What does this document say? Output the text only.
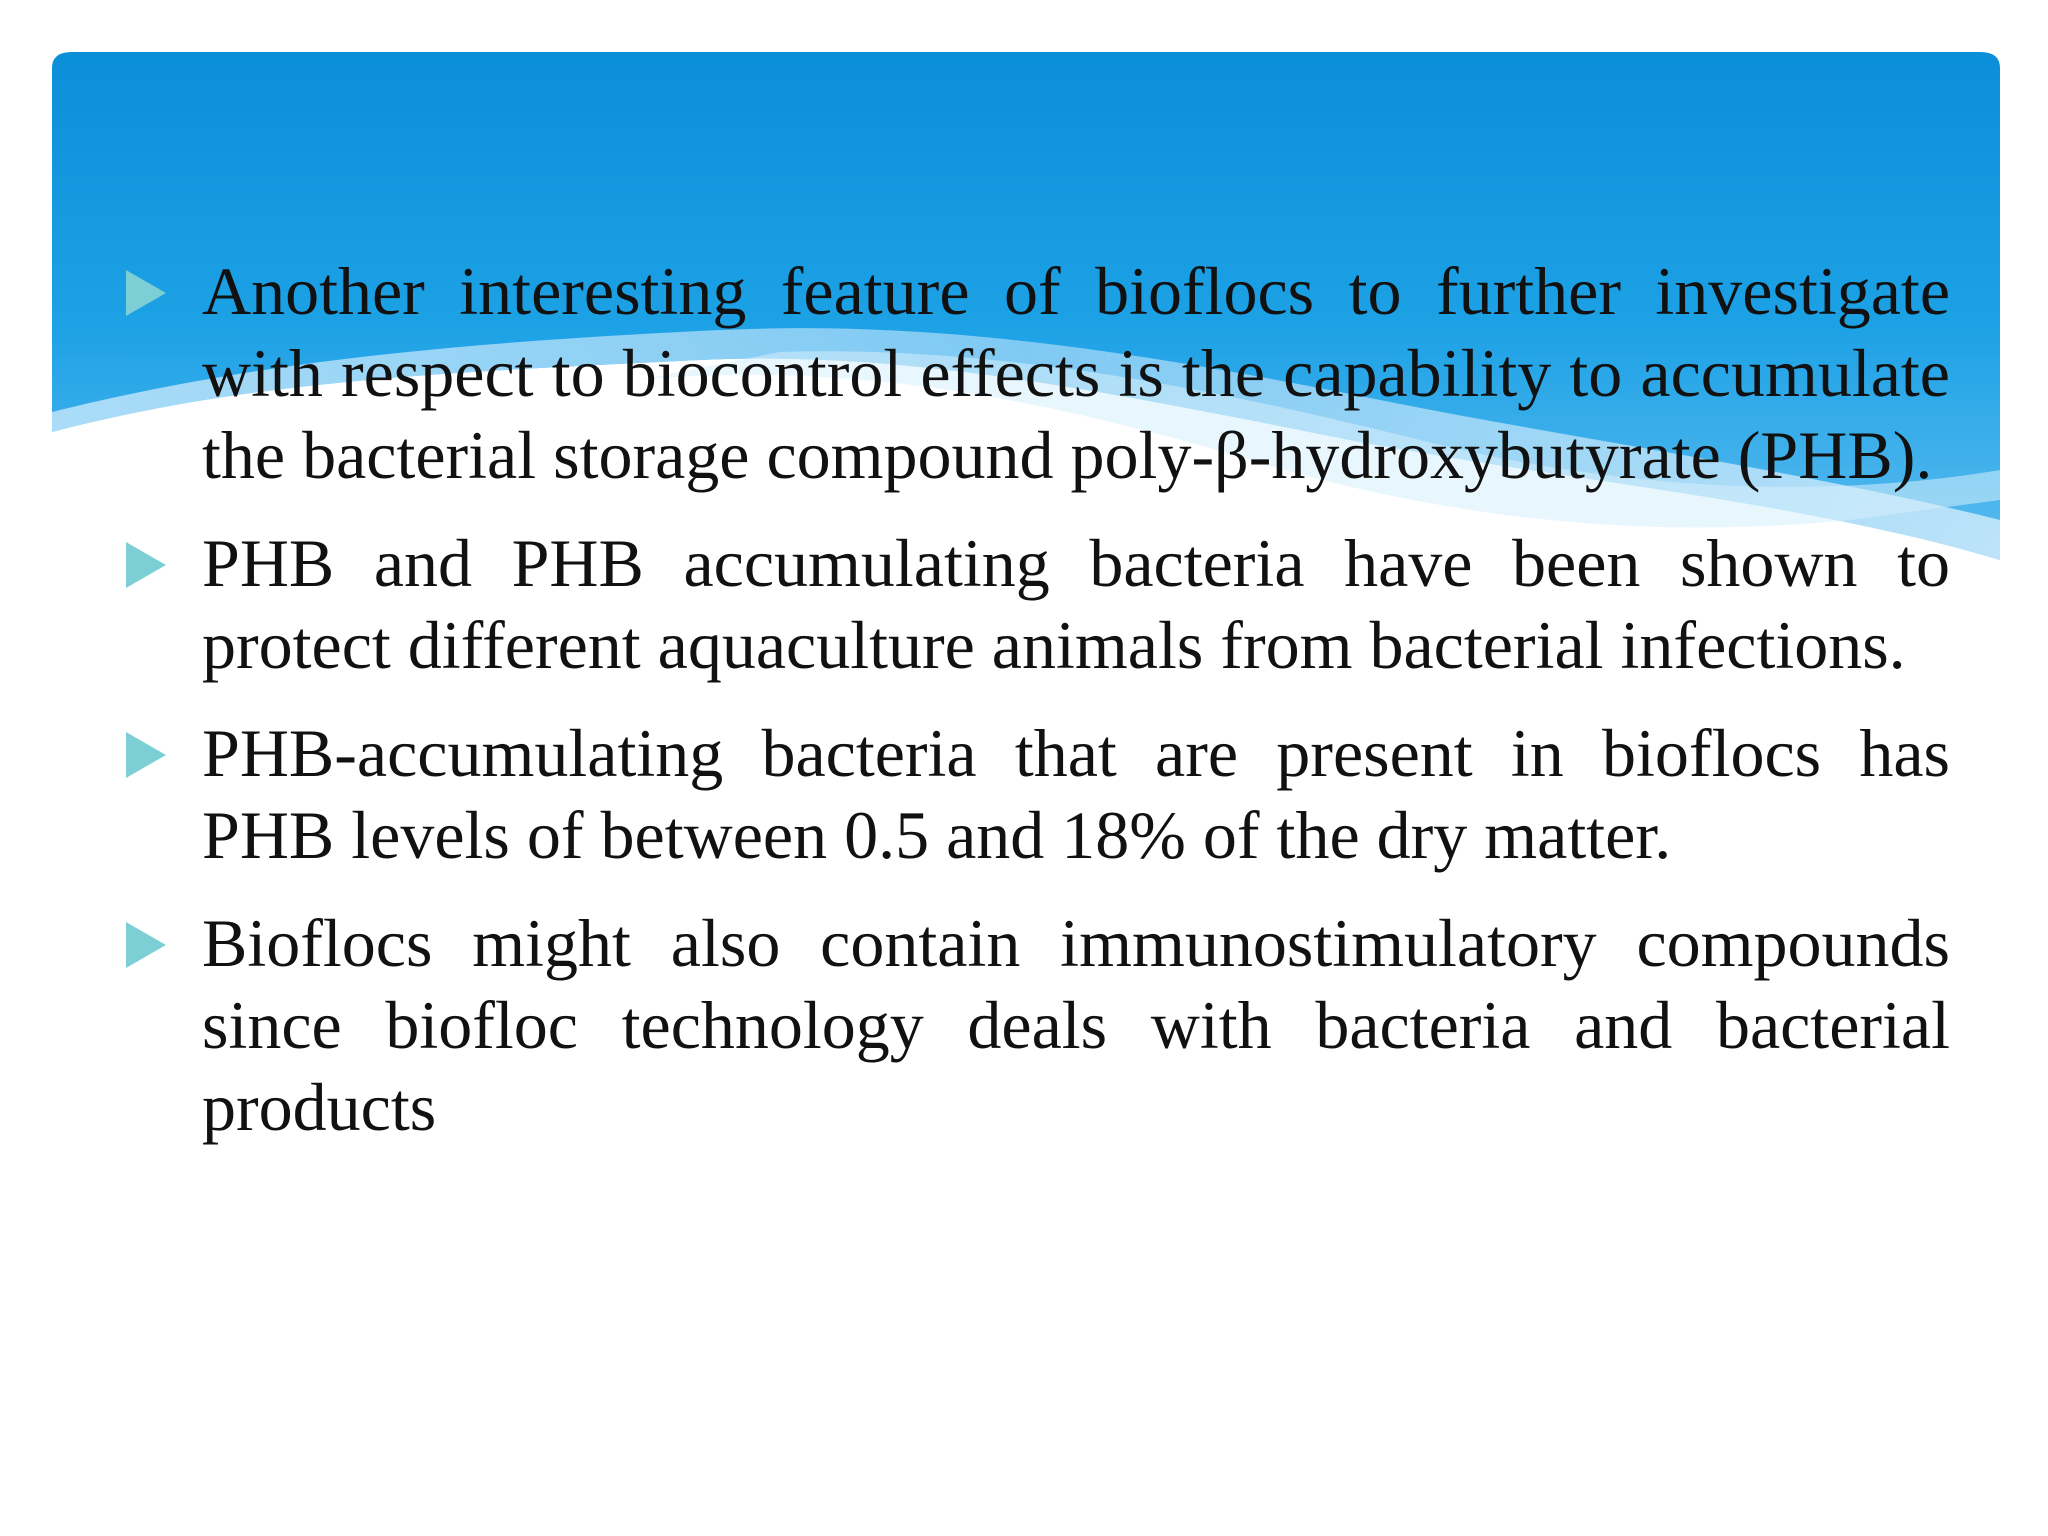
Another interesting feature of bioflocs to further investigate with respect to biocontrol effects is the capability to accumulate the bacterial storage compound poly-β-hydroxybutyrate (PHB).
PHB and PHB accumulating bacteria have been shown to protect different aquaculture animals from bacterial infections.
PHB-accumulating bacteria that are present in bioflocs has PHB levels of between 0.5 and 18% of the dry matter.
Bioflocs might also contain immunostimulatory compounds since biofloc technology deals with bacteria and bacterial products
